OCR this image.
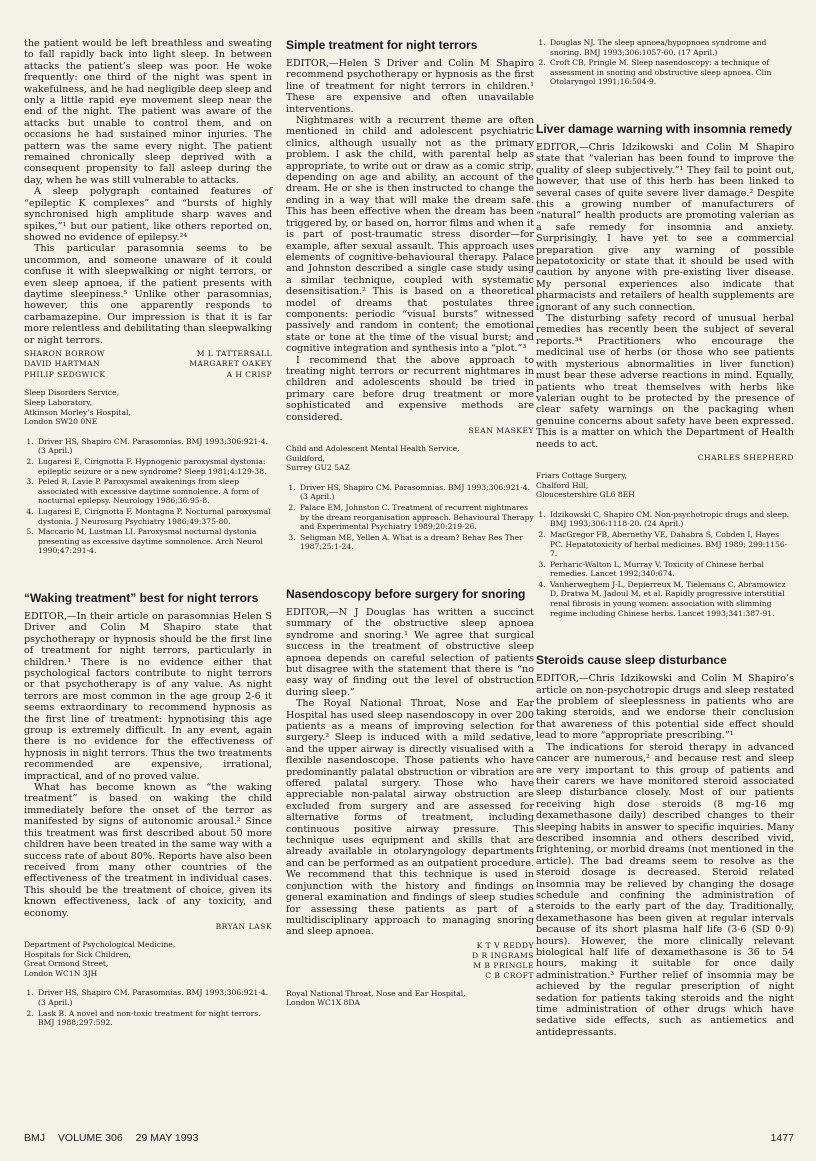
the patient would be left breathless and sweating to fall rapidly back into light sleep. In between attacks the patient’s sleep was poor. He woke frequently: one third of the night was spent in wakefulness, and he had negligible deep sleep and only a little rapid eye movement sleep near the end of the night. The patient was aware of the attacks but unable to control them, and on occasions he had sustained minor injuries. The pattern was the same every night. The patient remained chronically sleep deprived with a consequent propensity to fall asleep during the day, when he was still vulnerable to attacks.

A sleep polygraph contained features of “epileptic K complexes” and “bursts of highly synchronised high amplitude sharp waves and spikes,”¹ but our patient, like others reported on, showed no evidence of epilepsy.²⁴

This particular parasomnia seems to be uncommon, and someone unaware of it could confuse it with sleepwalking or night terrors, or even sleep apnoea, if the patient presents with daytime sleepiness.⁵ Unlike other parasomnias, however, this one apparently responds to carbamazepine. Our impression is that it is far more relentless and debilitating than sleepwalking or night terrors.

SHARON BORROW	M L TATTERSALL
DAVID HARTMAN	MARGARET OAKEY
PHILIP SEDGWICK	A H CRISP
Sleep Disorders Service,
Sleep Laboratory,
Atkinson Morley’s Hospital,
London SW20 0NE
1. Driver HS, Shapiro CM. Parasomnias. BMJ 1993;306:921-4. (3 April.)
2. Lugaresi E, Cirignotta F. Hypnogenic paroxysmal dystonia: epileptic seizure or a new syndrome? Sleep 1981;4:129-38.
3. Peled R, Lavie P. Paroxysmal awakenings from sleep associated with excessive daytime somnolence. A form of nocturnal epilepsy. Neurology 1986;36:95-8.
4. Lugaresi E, Cirignotta F, Montagna P. Nocturnal paroxysmal dystonia. J Neurosurg Psychiatry 1986;49:375-80.
5. Maccario M, Lustman LI. Paroxysmal nocturnal dystonia presenting as excessive daytime somnolence. Arch Neurol 1990;47:291-4.
“Waking treatment” best for night terrors

EDITOR,—In their article on parasomnias Helen S Driver and Colin M Shapiro state that psychotherapy or hypnosis should be the first line of treatment for night terrors, particularly in children.¹ There is no evidence either that psychological factors contribute to night terrors or that psychotherapy is of any value. As night terrors are most common in the age group 2-6 it seems extraordinary to recommend hypnosis as the first line of treatment: hypnotising this age group is extremely difficult. In any event, again there is no evidence for the effectiveness of hypnosis in night terrors. Thus the two treatments recommended are expensive, irrational, impractical, and of no proved value.

What has become known as “the waking treatment” is based on waking the child immediately before the onset of the terror as manifested by signs of autonomic arousal.² Since this treatment was first described about 50 more children have been treated in the same way with a success rate of about 80%. Reports have also been received from many other countries of the effectiveness of the treatment in individual cases. This should be the treatment of choice, given its known effectiveness, lack of any toxicity, and economy.

BRYAN LASK
Department of Psychological Medicine,
Hospitals for Sick Children,
Great Ormond Street,
London WC1N 3JH
1. Driver HS, Shapiro CM. Parasomnias. BMJ 1993;306:921-4. (3 April.)
2. Lask B. A novel and non-toxic treatment for night terrors. BMJ 1988;297:592.
Simple treatment for night terrors

EDITOR,—Helen S Driver and Colin M Shapiro recommend psychotherapy or hypnosis as the first line of treatment for night terrors in children.¹ These are expensive and often unavailable interventions.

Nightmares with a recurrent theme are often mentioned in child and adolescent psychiatric clinics, although usually not as the primary problem. I ask the child, with parental help as appropriate, to write out or draw as a comic strip, depending on age and ability, an account of the dream. He or she is then instructed to change the ending in a way that will make the dream safe. This has been effective when the dream has been triggered by, or based on, horror films and when it is part of post-traumatic stress disorder—for example, after sexual assault. This approach uses elements of cognitive-behavioural therapy. Palace and Johnston described a single case study using a similar technique, coupled with systematic desensitisation.² This is based on a theoretical model of dreams that postulates three components: periodic “visual bursts” witnessed passively and random in content; the emotional state or tone at the time of the visual burst; and cognitive integration and synthesis into a “plot.”³

I recommend that the above approach to treating night terrors or recurrent nightmares in children and adolescents should be tried in primary care before drug treatment or more sophisticated and expensive methods are considered.

SEAN MASKEY
Child and Adolescent Mental Health Service,
Guildford,
Surrey GU2 5AZ
1. Driver HS, Shapiro CM. Parasomnias. BMJ 1993;306:921-4. (3 April.)
2. Palace EM, Johnston C. Treatment of recurrent nightmares by the dream reorganisation approach. Behavioural Therapy and Experimental Psychiatry 1989;20:219-26.
3. Seligman ME, Yellen A. What is a dream? Behav Res Ther 1987;25:1-24.
Nasendoscopy before surgery for snoring

EDITOR,—N J Douglas has written a succinct summary of the obstructive sleep apnoea syndrome and snoring.¹ We agree that surgical success in the treatment of obstructive sleep apnoea depends on careful selection of patients but disagree with the statement that there is “no easy way of finding out the level of obstruction during sleep.”

The Royal National Throat, Nose and Ear Hospital has used sleep nasendoscopy in over 200 patients as a means of improving selection for surgery.² Sleep is induced with a mild sedative, and the upper airway is directly visualised with a flexible nasendoscope. Those patients who have predominantly palatal obstruction or vibration are offered palatal surgery. Those who have appreciable non-palatal airway obstruction are excluded from surgery and are assessed for alternative forms of treatment, including continuous positive airway pressure. This technique uses equipment and skills that are already available in otolaryngology departments and can be performed as an outpatient procedure. We recommend that this technique is used in conjunction with the history and findings on general examination and findings of sleep studies for assessing these patients as part of a multidisciplinary approach to managing snoring and sleep apnoea.

K T V REDDY
D R INGRAMS
M B PRINGLE
C B CROFT
Royal National Throat, Nose and Ear Hospital,
London WC1X 8DA
1. Douglas NJ. The sleep apnoea/hypopnoea syndrome and snoring. BMJ 1993;306:1057-60. (17 April.)
2. Croft CB, Pringle M. Sleep nasendoscopy: a technique of assessment in snoring and obstructive sleep apnoea. Clin Otolaryngol 1991;16:504-9.
Liver damage warning with insomnia remedy

EDITOR,—Chris Idzikowski and Colin M Shapiro state that “valerian has been found to improve the quality of sleep subjectively.”¹ They fail to point out, however, that use of this herb has been linked to several cases of quite severe liver damage.² Despite this a growing number of manufacturers of “natural” health products are promoting valerian as a safe remedy for insomnia and anxiety. Surprisingly, I have yet to see a commercial preparation give any warning of possible hepatotoxicity or state that it should be used with caution by anyone with pre-existing liver disease. My personal experiences also indicate that pharmacists and retailers of health supplements are ignorant of any such connection.

The disturbing safety record of unusual herbal remedies has recently been the subject of several reports.³⁴ Practitioners who encourage the medicinal use of herbs (or those who see patients with mysterious abnormalities in liver function) must bear these adverse reactions in mind. Equally, patients who treat themselves with herbs like valerian ought to be protected by the presence of clear safety warnings on the packaging when genuine concerns about safety have been expressed. This is a matter on which the Department of Health needs to act.

CHARLES SHEPHERD
Friars Cottage Surgery,
Chalford Hill,
Gloucestershire GL6 8EH
1. Idzikowski C, Shapiro CM. Non-psychotropic drugs and sleep. BMJ 1993;306:1118-20. (24 April.)
2. MacGregor FB, Abernethy VE, Dahabra S, Cobden I, Hayes PC. Hepatotoxicity of herbal medicines. BMJ 1989; 299:1156-7.
3. Perharic-Walton L, Murray V. Toxicity of Chinese herbal remedies. Lancet 1992;340:674.
4. Vanherweghem J-L, Depierreux M, Tielemans C, Abramowicz D, Dratwa M, Jadoul M, et al. Rapidly progressive interstitial renal fibrosis in young women: association with slimming regime including Chinese herbs. Lancet 1993;341:387-91.
Steroids cause sleep disturbance

EDITOR,—Chris Idzikowski and Colin M Shapiro’s article on non-psychotropic drugs and sleep restated the problem of sleeplessness in patients who are taking steroids, and we endorse their conclusion that awareness of this potential side effect should lead to more “appropriate prescribing.”¹

The indications for steroid therapy in advanced cancer are numerous,² and because rest and sleep are very important to this group of patients and their carers we have monitored steroid associated sleep disturbance closely. Most of our patients receiving high dose steroids (8 mg-16 mg dexamethasone daily) described changes to their sleeping habits in answer to specific inquiries. Many described insomnia and others described vivid, frightening, or morbid dreams (not mentioned in the article). The bad dreams seem to resolve as the steroid dosage is decreased. Steroid related insomnia may be relieved by changing the dosage schedule and confining the administration of steroids to the early part of the day. Traditionally, dexamethasone has been given at regular intervals because of its short plasma half life (3·6 (SD 0·9) hours). However, the more clinically relevant biological half life of dexamethasone is 36 to 54 hours, making it suitable for once daily administration.³ Further relief of insomnia may be achieved by the regular prescription of night sedation for patients taking steroids and the night time administration of other drugs which have sedative side effects, such as antiemetics and antidepressants.

BMJ VOLUME 306 29 MAY 1993	1477
